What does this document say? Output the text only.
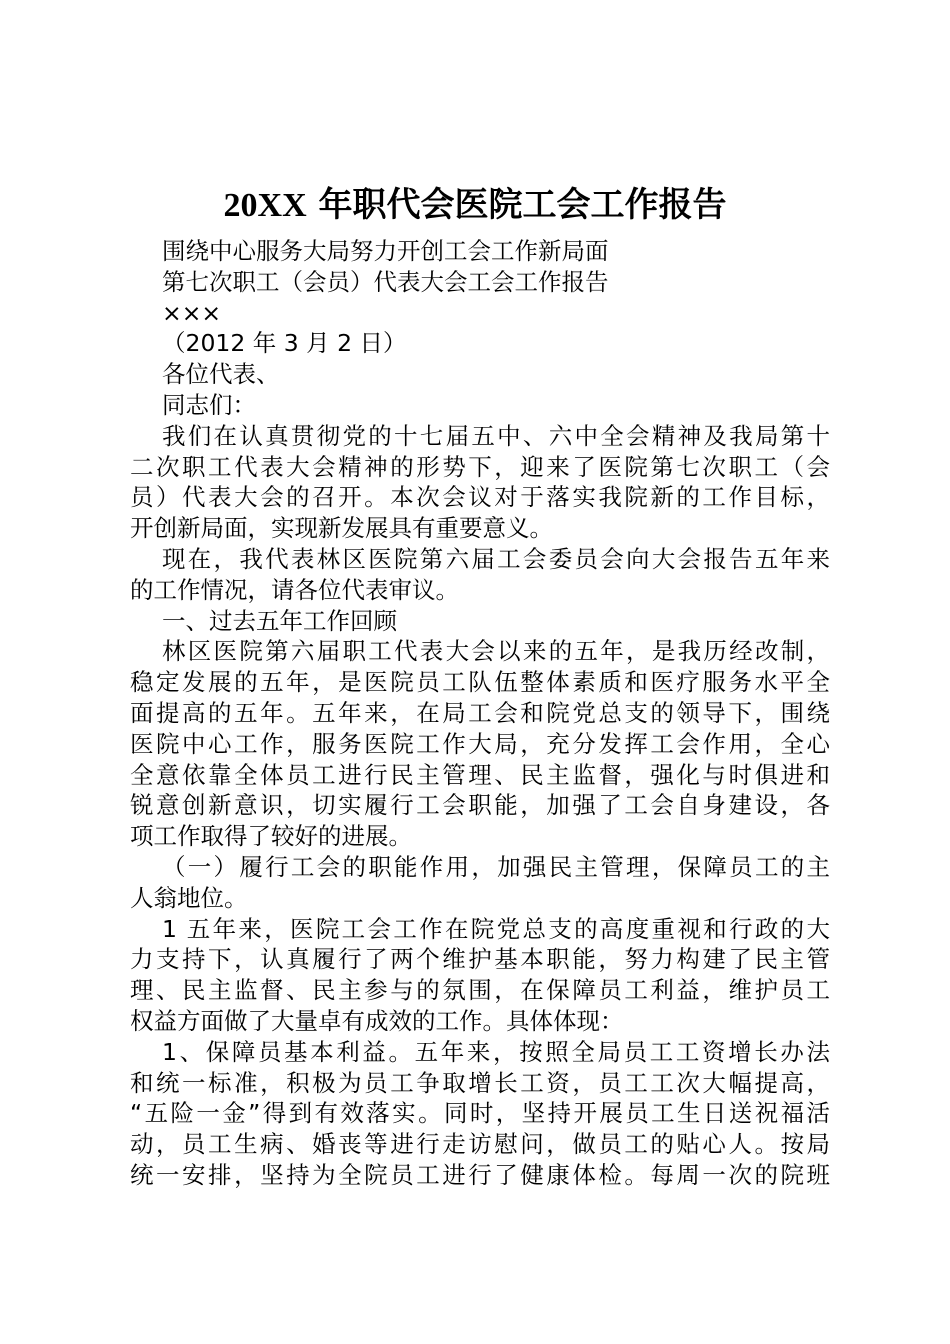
20XX 年职代会医院工会工作报告

围绕中心服务大局努力开创工会工作新局面

第七次职工（会员）代表大会工会工作报告

×××

（2012 年 3 月 2 日）

各位代表、

同志们：

我们在认真贯彻党的十七届五中、六中全会精神及我局第十

二次职工代表大会精神的形势下，迎来了医院第七次职工（会

员）代表大会的召开。本次会议对于落实我院新的工作目标，

开创新局面，实现新发展具有重要意义。

现在，我代表林区医院第六届工会委员会向大会报告五年来

的工作情况，请各位代表审议。

一、过去五年工作回顾

林区医院第六届职工代表大会以来的五年，是我历经改制，

稳定发展的五年，是医院员工队伍整体素质和医疗服务水平全

面提高的五年。五年来，在局工会和院党总支的领导下，围绕

医院中心工作，服务医院工作大局，充分发挥工会作用，全心

全意依靠全体员工进行民主管理、民主监督，强化与时俱进和

锐意创新意识，切实履行工会职能，加强了工会自身建设，各

项工作取得了较好的进展。

（一）履行工会的职能作用，加强民主管理，保障员工的主

人翁地位。

1 五年来，医院工会工作在院党总支的高度重视和行政的大

力支持下，认真履行了两个维护基本职能，努力构建了民主管

理、民主监督、民主参与的氛围，在保障员工利益，维护员工

权益方面做了大量卓有成效的工作。具体体现：

1、保障员基本利益。五年来，按照全局员工工资增长办法

和统一标准，积极为员工争取增长工资，员工工次大幅提高，

“五险一金”得到有效落实。同时，坚持开展员工生日送祝福活

动，员工生病、婚丧等进行走访慰问，做员工的贴心人。按局

统一安排，坚持为全院员工进行了健康体检。每周一次的院班
